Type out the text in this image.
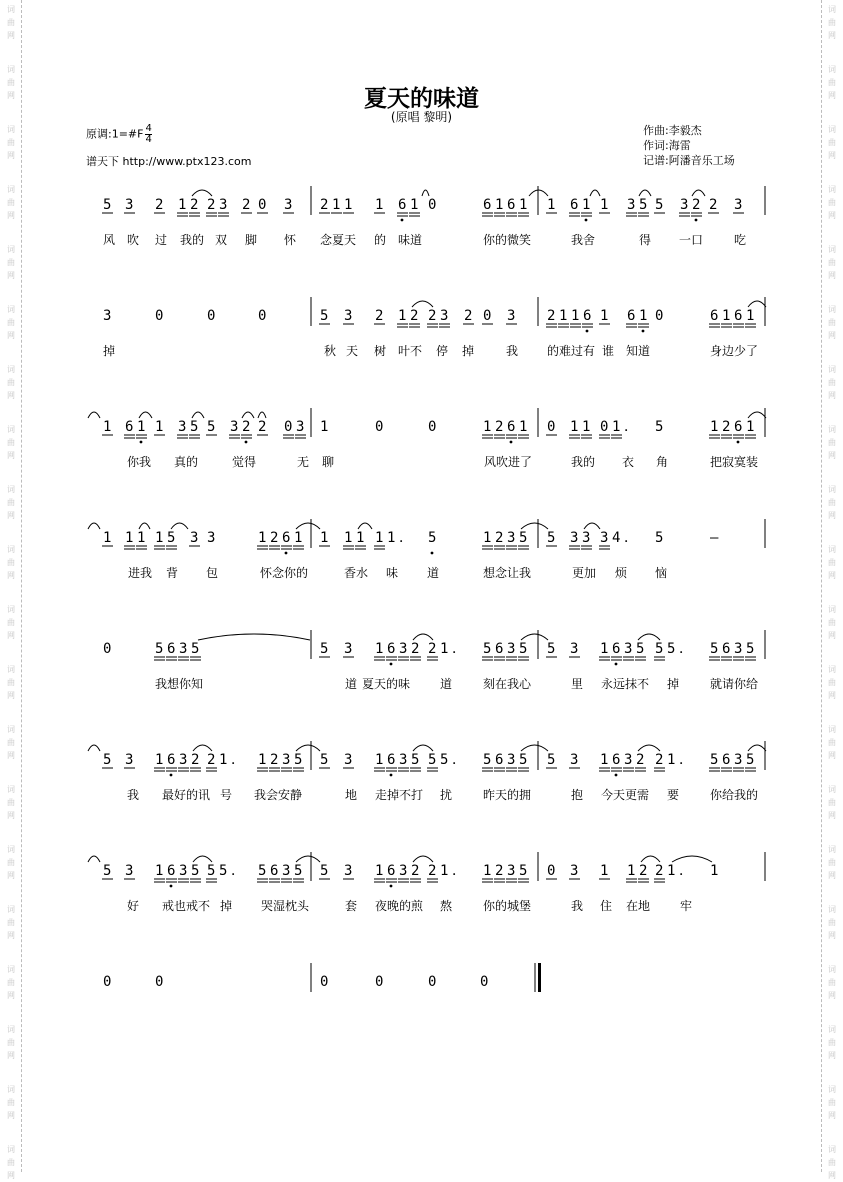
词
曲
网
词
曲
网
词
曲
网
词
曲
网
词
曲
网
词
曲
网
词
曲
网
词
曲
网
词
曲
网
词
曲
网
词
曲
网
词
曲
网
词
曲
网
词
曲
网
词
曲
网
词
曲
网
词
曲
网
词
曲
网
词
曲
网
词
曲
网
词
曲
网
词
曲
网
词
曲
网
词
曲
网
词
曲
网
词
曲
网
词
曲
网
词
曲
网
词
曲
网
词
曲
网
词
曲
网
词
曲
网
词
曲
网
词
曲
网
词
曲
网
词
曲
网
词
曲
网
词
曲
网
词
曲
网
词
曲
网
夏天的味道
(原唱 黎明)
原调:1=#F $\frac{4}{4}$
谱天下 http://www.ptx123.com
作曲:李毅杰
作词:海雷
记谱:阿潘音乐工场
5 3 2 1 2 2 3 2 0 3 2 1 1 1 6 1 0	6 1 6 1 1 6 1 1 3 5 5 3 2 2 3
风 吹 过 我的 双 脚 怀 念夏天 的 味道	你的微笑	我舍	得 一口	吃
3	0	0	0	5 3 2 1 2 2 3 2 0 3 2 1 1 6 1 6 1 0	6 1 6 1
掉	秋 天 树 叶不 停 掉	我 的难过有 谁 知道	身边少了
1 6 1 1 3 5 5 3 2 2 0 3 1	0	0	1 2 6 1 0 1 1 0 1 ． 5	1 2 6 1
你我 真的	觉得	无 聊	风吹进了	我的 衣 角	把寂寞装
1 1 1 1 5 3 3	1 2 6 1 1 1 1 1 1 ． 5	1 2 3 5 5 3 3 3 4 ． 5	—
进我 背 包	怀念你的	香水 味 道	想念让我	更加 烦 恼
0	5 6 3 5	5 3 1 6 3 2 2 1 ． 5 6 3 5 5 3 1 6 3 5 5 5 ． 5 6 3 5
我想你知	道 夏天的味 道	刻在我心	里 永远抹不 掉	就请你给
5 3 1 6 3 2 2 1 ． 1 2 3 5 5 3 1 6 3 5 5 5 ． 5 6 3 5 5 3 1 6 3 2 2 1 ． 5 6 3 5
我 最好的讯 号 我会安静	地 走掉不打 扰	昨天的拥	抱 今天更需 要	你给我的
5 3 1 6 3 5 5 5 ． 5 6 3 5 5 3 1 6 3 2 2 1 ． 1 2 3 5 0 3 1 1 2 2 1 ． 1
好 戒也戒不 掉 哭湿枕头	套 夜晚的煎 熬	你的城堡	我 住 在地 牢
0	0	0	0	0	0
